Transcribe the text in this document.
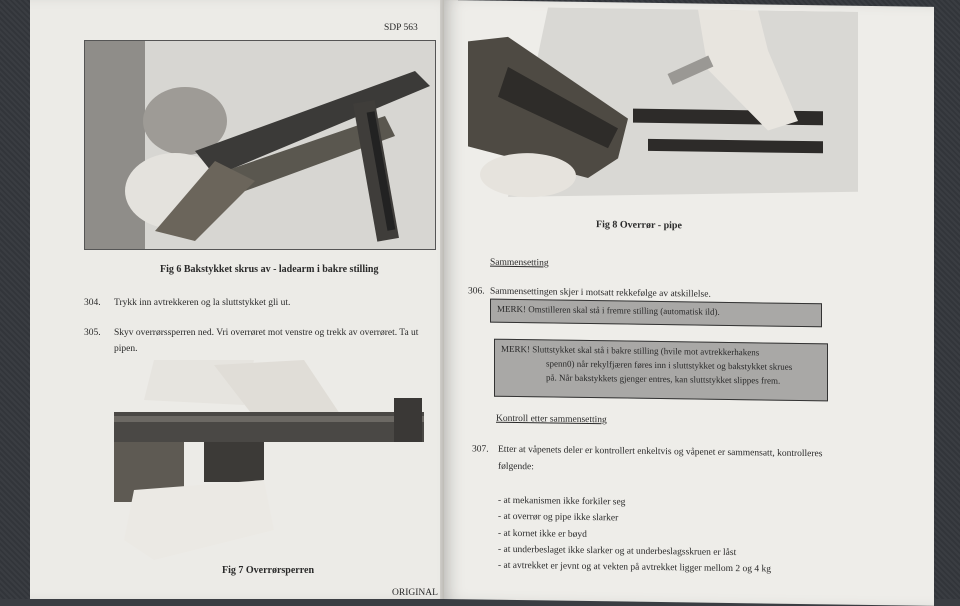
SDP 563
Fig 6 Bakstykket skrus av - ladearm i bakre stilling
304. Trykk inn avtrekkeren og la sluttstykket gli ut.
305. Skyv overrørssperren ned. Vri overrøret mot venstre og trekk av overrøret. Ta ut
pipen.
Fig 7 Overrørsperren
ORIGINAL
Fig 8 Overrør - pipe
Sammensetting
306. Sammensettingen skjer i motsatt rekkefølge av atskillelse.
MERK! Omstilleren skal stå i fremre stilling (automatisk ild).
MERK! Sluttstykket skal stå i bakre stilling (hvile mot avtrekkerhakens
spenn0) når rekylfjæren føres inn i sluttstykket og bakstykket skrues
på. Når bakstykkets gjenger entres, kan sluttstykket slippes frem.
Kontroll etter sammensetting
307. Etter at våpenets deler er kontrollert enkeltvis og våpenet er sammensatt, kontrolleres
følgende:
- at mekanismen ikke forkiler seg
- at overrør og pipe ikke slarker
- at kornet ikke er bøyd
- at underbeslaget ikke slarker og at underbeslagsskruen er låst
- at avtrekket er jevnt og at vekten på avtrekket ligger mellom 2 og 4 kg
